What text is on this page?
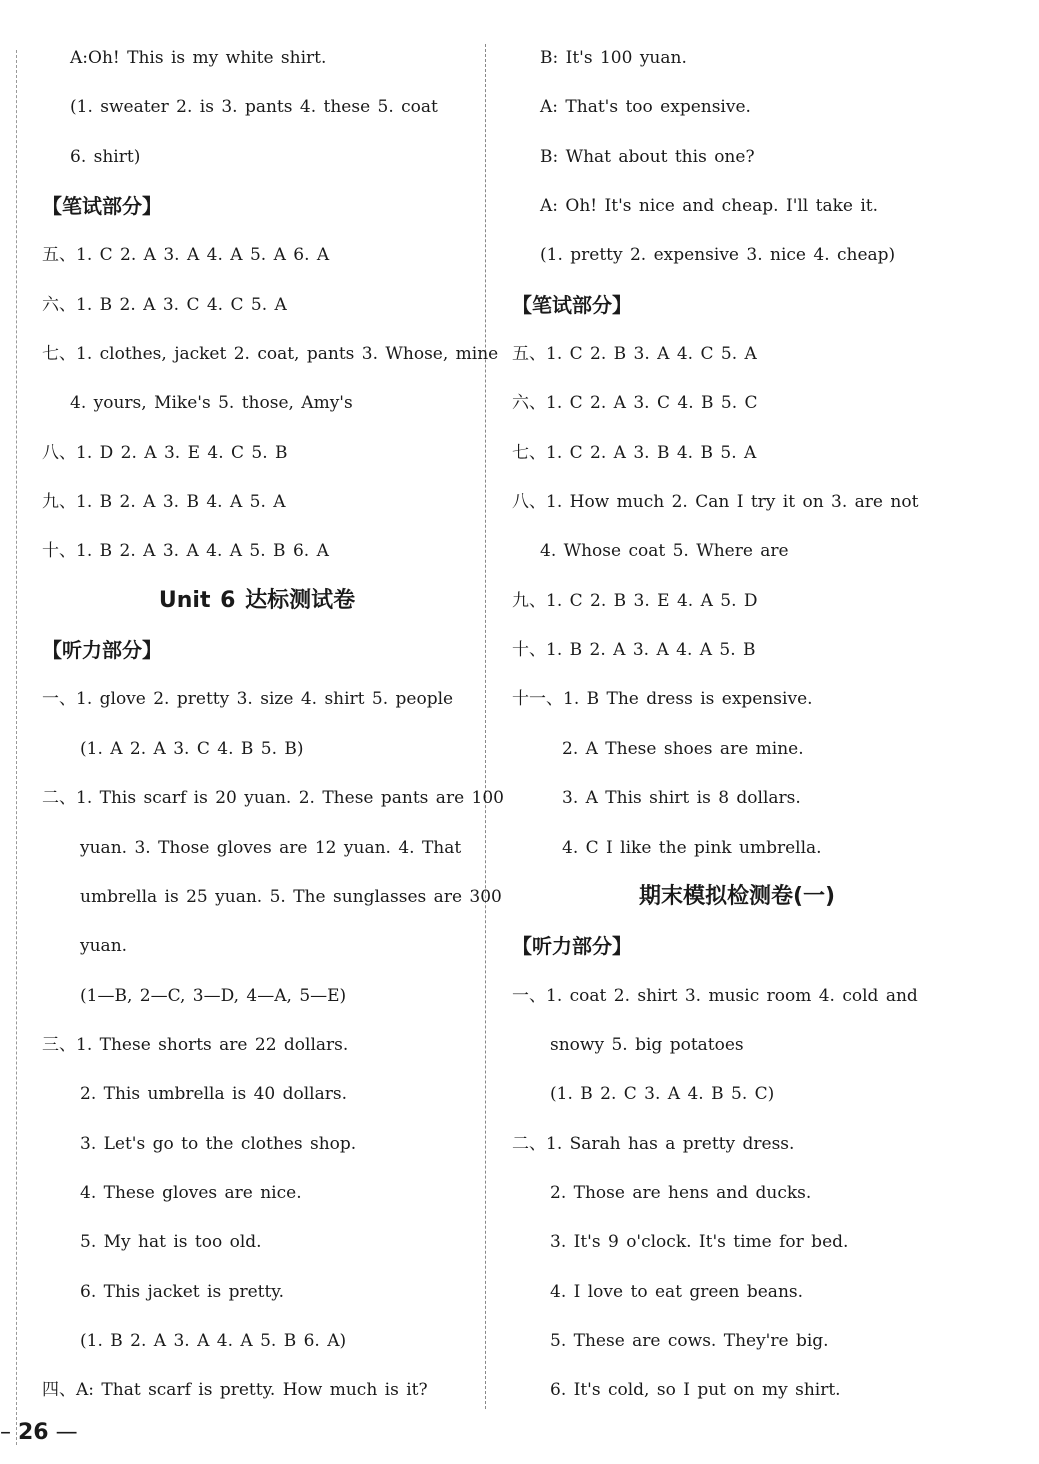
A:Oh! This is my white shirt.
(1. sweater 2. is 3. pants 4. these 5. coat
6. shirt)
【笔试部分】
五、1. C 2. A 3. A 4. A 5. A 6. A
六、1. B 2. A 3. C 4. C 5. A
七、1. clothes, jacket 2. coat, pants 3. Whose, mine
4. yours, Mike's 5. those, Amy's
八、1. D 2. A 3. E 4. C 5. B
九、1. B 2. A 3. B 4. A 5. A
十、1. B 2. A 3. A 4. A 5. B 6. A
Unit 6 达标测试卷
【听力部分】
一、1. glove 2. pretty 3. size 4. shirt 5. people
(1. A 2. A 3. C 4. B 5. B)
二、1. This scarf is 20 yuan. 2. These pants are 100
yuan. 3. Those gloves are 12 yuan. 4. That
umbrella is 25 yuan. 5. The sunglasses are 300
yuan.
(1—B, 2—C, 3—D, 4—A, 5—E)
三、1. These shorts are 22 dollars.
2. This umbrella is 40 dollars.
3. Let's go to the clothes shop.
4. These gloves are nice.
5. My hat is too old.
6. This jacket is pretty.
(1. B 2. A 3. A 4. A 5. B 6. A)
四、A: That scarf is pretty. How much is it?
B: It's 100 yuan.
A: That's too expensive.
B: What about this one?
A: Oh! It's nice and cheap. I'll take it.
(1. pretty 2. expensive 3. nice 4. cheap)
【笔试部分】
五、1. C 2. B 3. A 4. C 5. A
六、1. C 2. A 3. C 4. B 5. C
七、1. C 2. A 3. B 4. B 5. A
八、1. How much 2. Can I try it on 3. are not
4. Whose coat 5. Where are
九、1. C 2. B 3. E 4. A 5. D
十、1. B 2. A 3. A 4. A 5. B
十一、1. B The dress is expensive.
2. A These shoes are mine.
3. A This shirt is 8 dollars.
4. C I like the pink umbrella.
期末模拟检测卷(一)
【听力部分】
一、1. coat 2. shirt 3. music room 4. cold and
snowy 5. big potatoes
(1. B 2. C 3. A 4. B 5. C)
二、1. Sarah has a pretty dress.
2. Those are hens and ducks.
3. It's 9 o'clock. It's time for bed.
4. I love to eat green beans.
5. These are cows. They're big.
6. It's cold, so I put on my shirt.
– 26 —
